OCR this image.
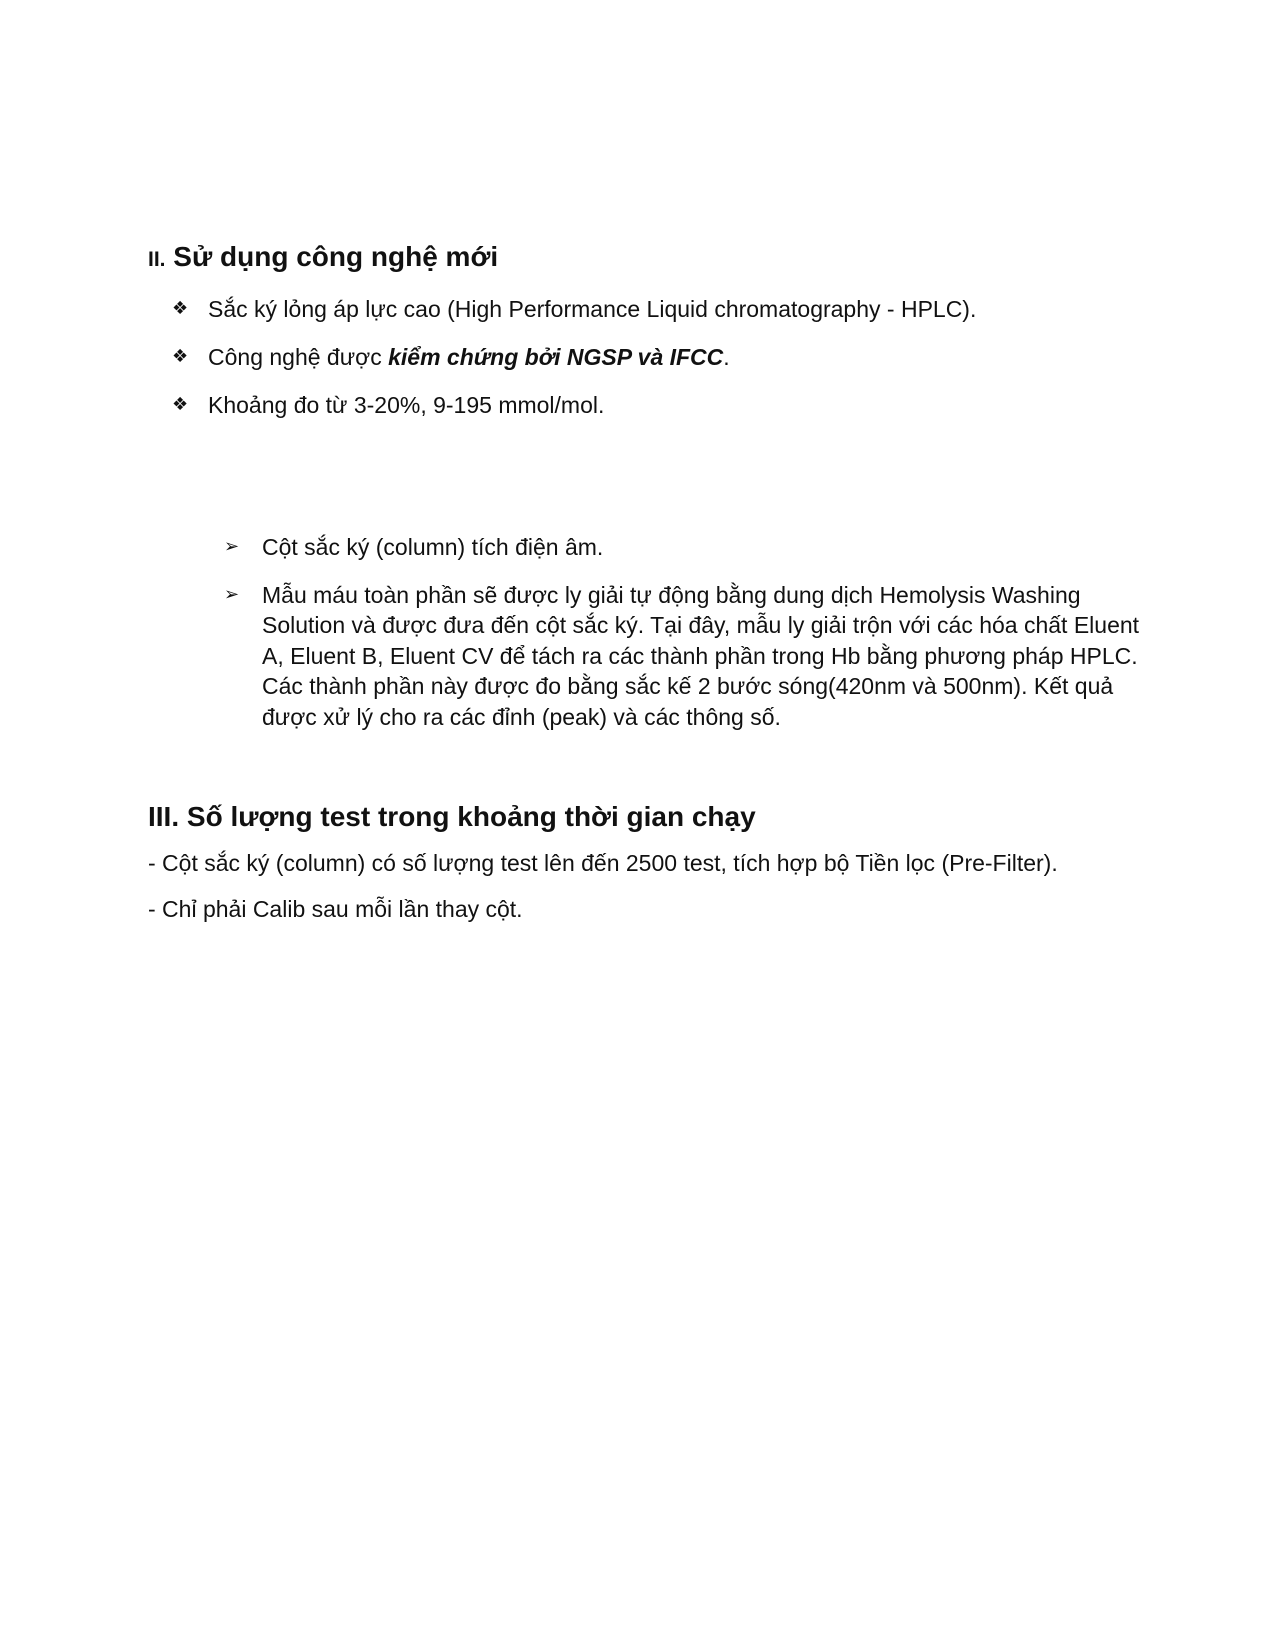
II. Sử dụng công nghệ mới
❖ Sắc ký lỏng áp lực cao (High Performance Liquid chromatography - HPLC).
❖ Công nghệ được kiểm chứng bởi NGSP và IFCC.
❖ Khoảng đo từ 3-20%, 9-195 mmol/mol.
➢ Cột sắc ký (column) tích điện âm.
➢ Mẫu máu toàn phần sẽ được ly giải tự động bằng dung dịch Hemolysis Washing Solution và được đưa đến cột sắc ký. Tại đây, mẫu ly giải trộn với các hóa chất Eluent A, Eluent B, Eluent CV để tách ra các thành phần trong Hb bằng phương pháp HPLC. Các thành phần này được đo bằng sắc kế 2 bước sóng(420nm và 500nm). Kết quả được xử lý cho ra các đỉnh (peak) và các thông số.
III. Số lượng test trong khoảng thời gian chạy
- Cột sắc ký (column) có số lượng test lên đến 2500 test, tích hợp bộ Tiền lọc (Pre-Filter).
- Chỉ phải Calib sau mỗi lần thay cột.
